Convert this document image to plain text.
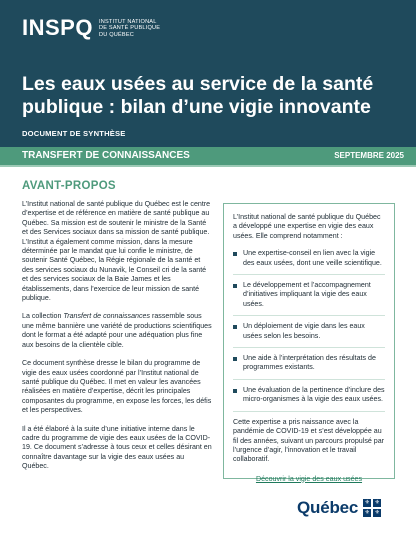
INSPQ INSTITUT NATIONAL
DE SANTÉ PUBLIQUE
DU QUÉBEC
Les eaux usées au service de la santé publique : bilan d’une vigie innovante
DOCUMENT DE SYNTHÈSE
TRANSFERT DE CONNAISSANCES	SEPTEMBRE 2025
AVANT-PROPOS

L’Institut national de santé publique du Québec est le centre d’expertise et de référence en matière de santé publique au Québec. Sa mission est de soutenir le ministre de la Santé et des Services sociaux dans sa mission de santé publique. L’Institut a également comme mission, dans la mesure déterminée par le mandat que lui confie le ministre, de soutenir Santé Québec, la Régie régionale de la santé et des services sociaux du Nunavik, le Conseil cri de la santé et des services sociaux de la Baie James et les établissements, dans l’exercice de leur mission de santé publique.

La collection Transfert de connaissances rassemble sous une même bannière une variété de productions scientifiques dont le format a été adapté pour une adéquation plus fine aux besoins de la clientèle cible.

Ce document synthèse dresse le bilan du programme de vigie des eaux usées coordonné par l’Institut national de santé publique du Québec. Il met en valeur les avancées réalisées en matière d’expertise, décrit les principales composantes du programme, en expose les forces, les défis et les perspectives.

Il a été élaboré à la suite d’une initiative interne dans le cadre du programme de vigie des eaux usées de la COVID-19. Ce document s’adresse à tous ceux et celles désirant en connaître davantage sur la vigie des eaux usées au Québec.

L’Institut national de santé publique du Québec a développé une expertise en vigie des eaux usées. Elle comprend notamment :

Une expertise-conseil en lien avec la vigie des eaux usées, dont une veille scientifique.
Le développement et l’accompagnement d’initiatives impliquant la vigie des eaux usées.
Un déploiement de vigie dans les eaux usées selon les besoins.
Une aide à l’interprétation des résultats de programmes existants.
Une évaluation de la pertinence d’inclure des micro-organismes à la vigie des eaux usées.

Cette expertise a pris naissance avec la pandémie de COVID-19 et s’est développée au fil des années, suivant un parcours propulsé par l’urgence d’agir, l’innovation et le travail collaboratif.

Découvrir la vigie des eaux usées
Québec ⚜ ⚜
⚜ ⚜
